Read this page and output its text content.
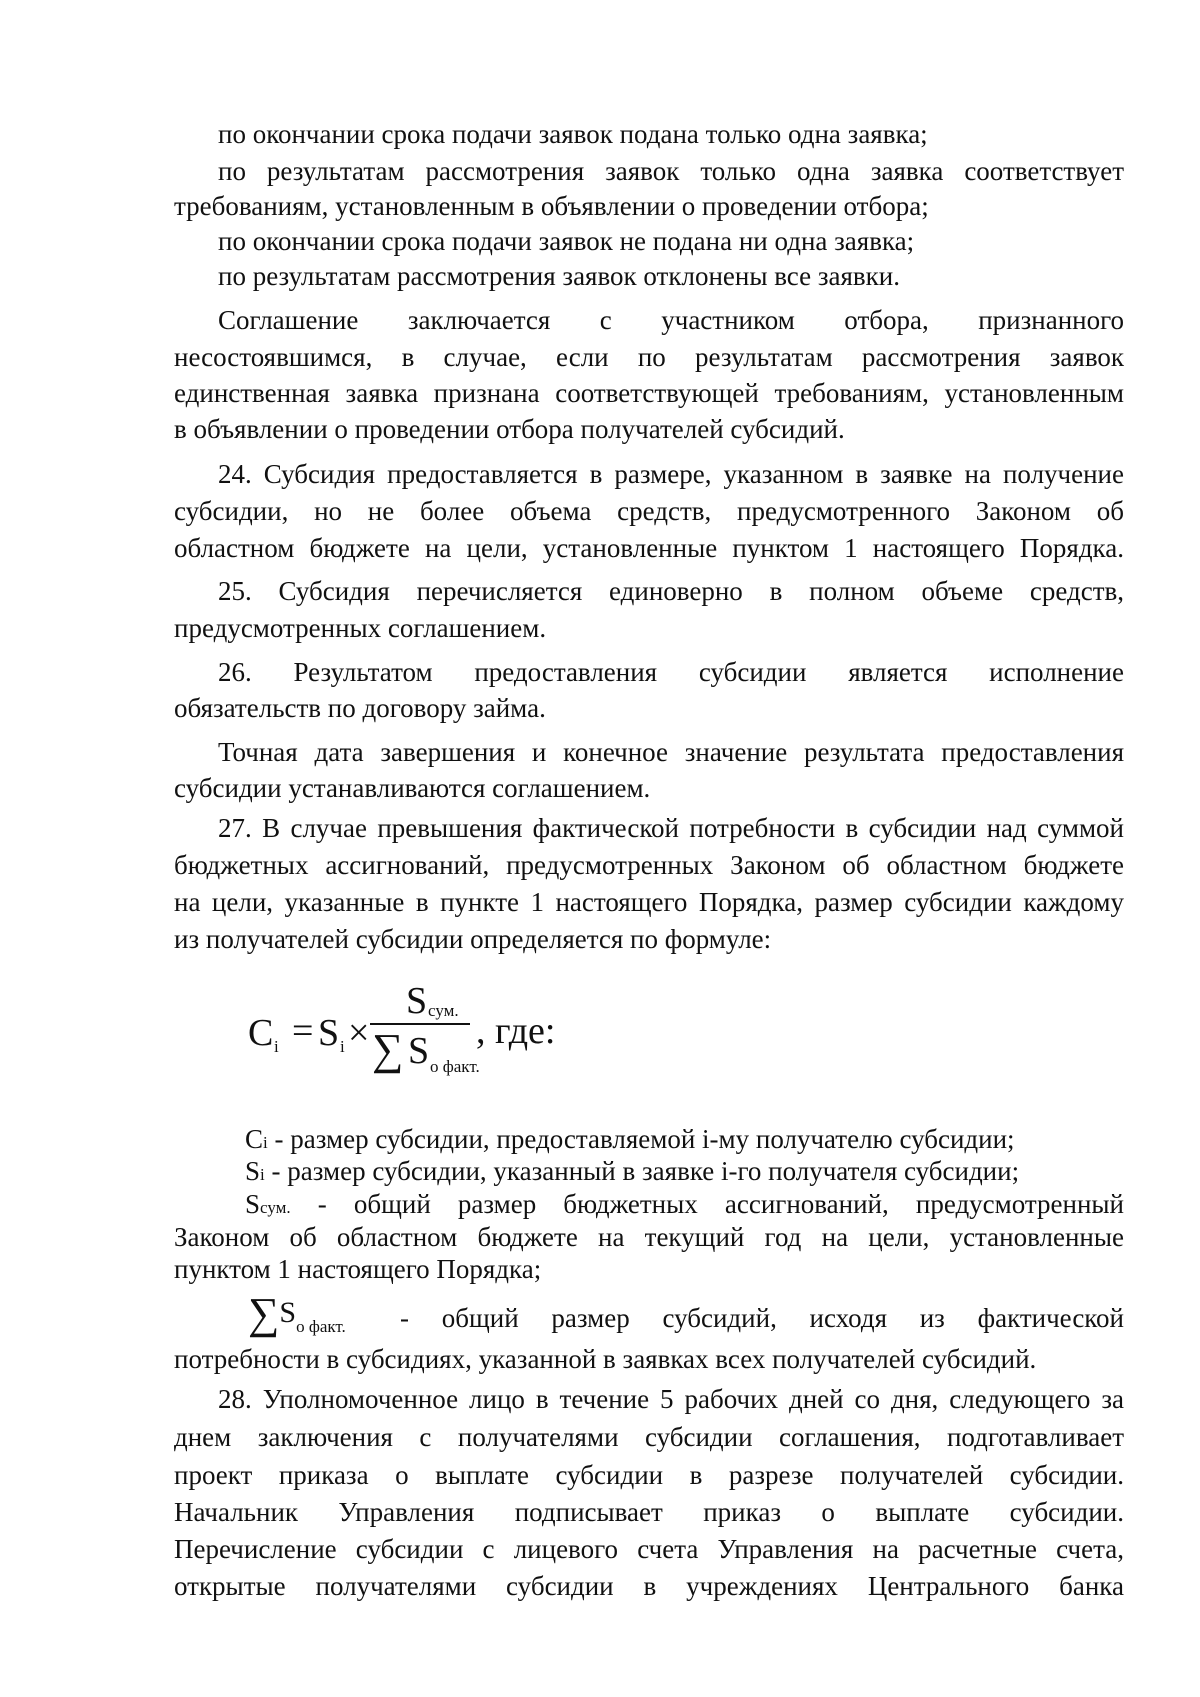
по окончании срока подачи заявок подана только одна заявка;
по результатам рассмотрения заявок только одна заявка соответствует
требованиям, установленным в объявлении о проведении отбора;
по окончании срока подачи заявок не подана ни одна заявка;
по результатам рассмотрения заявок отклонены все заявки.
Соглашение заключается с участником отбора, признанного
несостоявшимся, в случае, если по результатам рассмотрения заявок
единственная заявка признана соответствующей требованиям, установленным
в объявлении о проведении отбора получателей субсидий.
24. Субсидия предоставляется в размере, указанном в заявке на получение
субсидии, но не более объема средств, предусмотренного Законом об
областном бюджете на цели, установленные пунктом 1 настоящего Порядка.
25. Субсидия перечисляется единоверно в полном объеме средств,
предусмотренных соглашением.
26. Результатом предоставления субсидии является исполнение
обязательств по договору займа.
Точная дата завершения и конечное значение результата предоставления
субсидии устанавливаются соглашением.
27. В случае превышения фактической потребности в субсидии над суммой
бюджетных ассигнований, предусмотренных Законом об областном бюджете
на цели, указанные в пункте 1 настоящего Порядка, размер субсидии каждому
из получателей субсидии определяется по формуле:
C i = S i ×
S сум.
∑ S о факт.
, где:
Ci - размер субсидии, предоставляемой i-му получателю субсидии;
Si - размер субсидии, указанный в заявке i-го получателя субсидии;
Sсум. - общий размер бюджетных ассигнований, предусмотренный
Законом об областном бюджете на текущий год на цели, установленные
пунктом 1 настоящего Порядка;
∑Sо факт. - общий размер субсидий, исходя из фактической
потребности в субсидиях, указанной в заявках всех получателей субсидий.
28. Уполномоченное лицо в течение 5 рабочих дней со дня, следующего за
днем заключения с получателями субсидии соглашения, подготавливает
проект приказа о выплате субсидии в разрезе получателей субсидии.
Начальник Управления подписывает приказ о выплате субсидии.
Перечисление субсидии с лицевого счета Управления на расчетные счета,
открытые получателями субсидии в учреждениях Центрального банка
